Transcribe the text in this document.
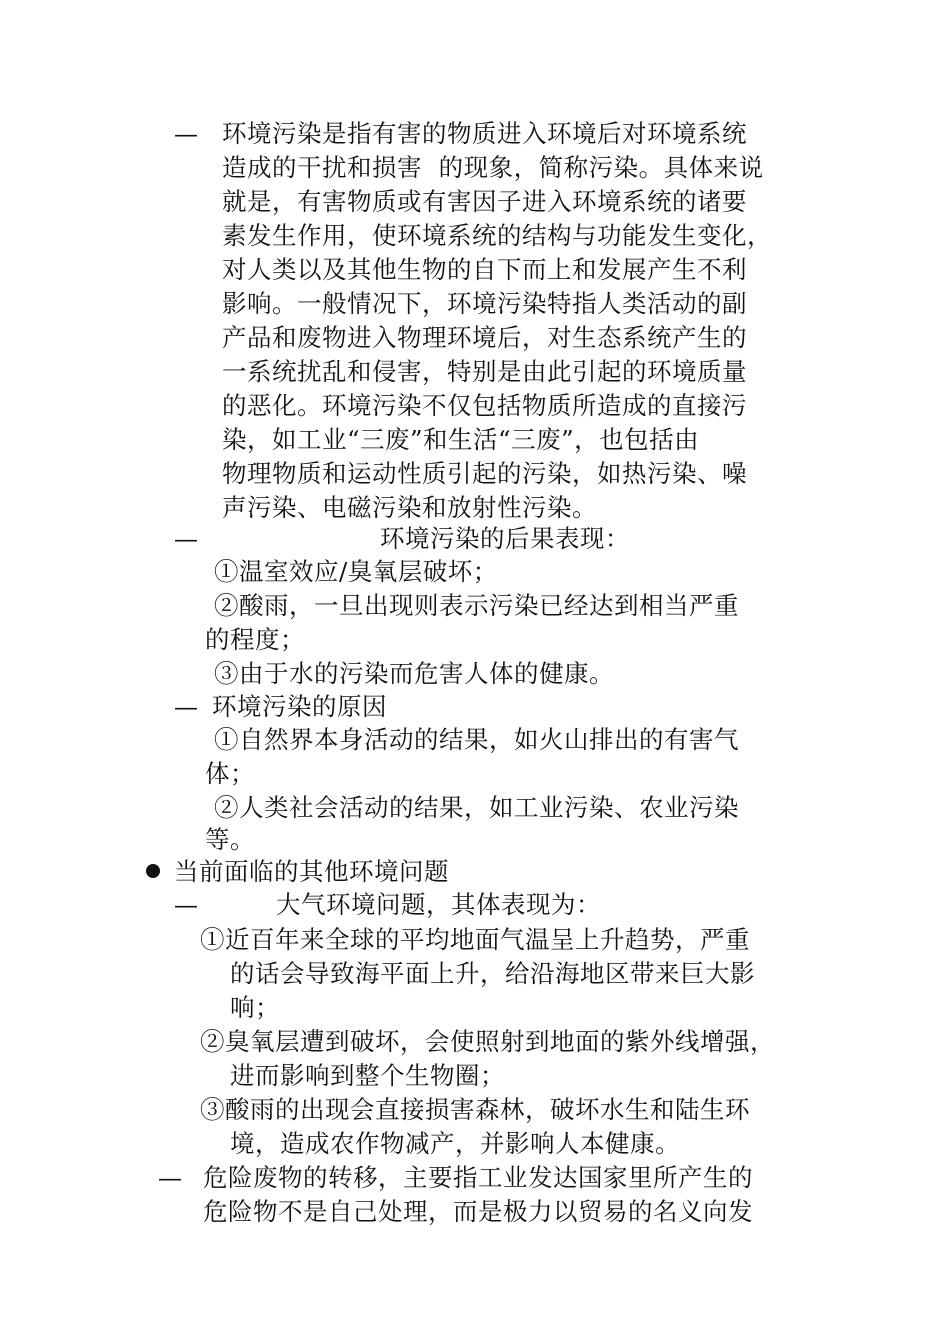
— 环境污染是指有害的物质进入环境后对环境系统
造成的干扰和损害  的现象，简称污染。具体来说
就是，有害物质或有害因子进入环境系统的诸要
素发生作用，使环境系统的结构与功能发生变化，
对人类以及其他生物的自下而上和发展产生不利
影响。一般情况下，环境污染特指人类活动的副
产品和废物进入物理环境后，对生态系统产生的
一系统扰乱和侵害，特别是由此引起的环境质量
的恶化。环境污染不仅包括物质所造成的直接污
染，如工业“三废”和生活“三废”，也包括由
物理物质和运动性质引起的污染，如热污染、噪
声污染、电磁污染和放射性污染。
—	环境污染的后果表现：
①温室效应/臭氧层破坏；
②酸雨，一旦出现则表示污染已经达到相当严重
的程度；
③由于水的污染而危害人体的健康。
— 环境污染的原因
①自然界本身活动的结果，如火山排出的有害气
体；
②人类社会活动的结果，如工业污染、农业污染
等。
当前面临的其他环境问题
—	大气环境问题，其体表现为：
①近百年来全球的平均地面气温呈上升趋势，严重
的话会导致海平面上升，给沿海地区带来巨大影
响；
②臭氧层遭到破坏，会使照射到地面的紫外线增强，
进而影响到整个生物圈；
③酸雨的出现会直接损害森林，破坏水生和陆生环
境，造成农作物减产，并影响人本健康。
— 危险废物的转移，主要指工业发达国家里所产生的
危险物不是自己处理，而是极力以贸易的名义向发
